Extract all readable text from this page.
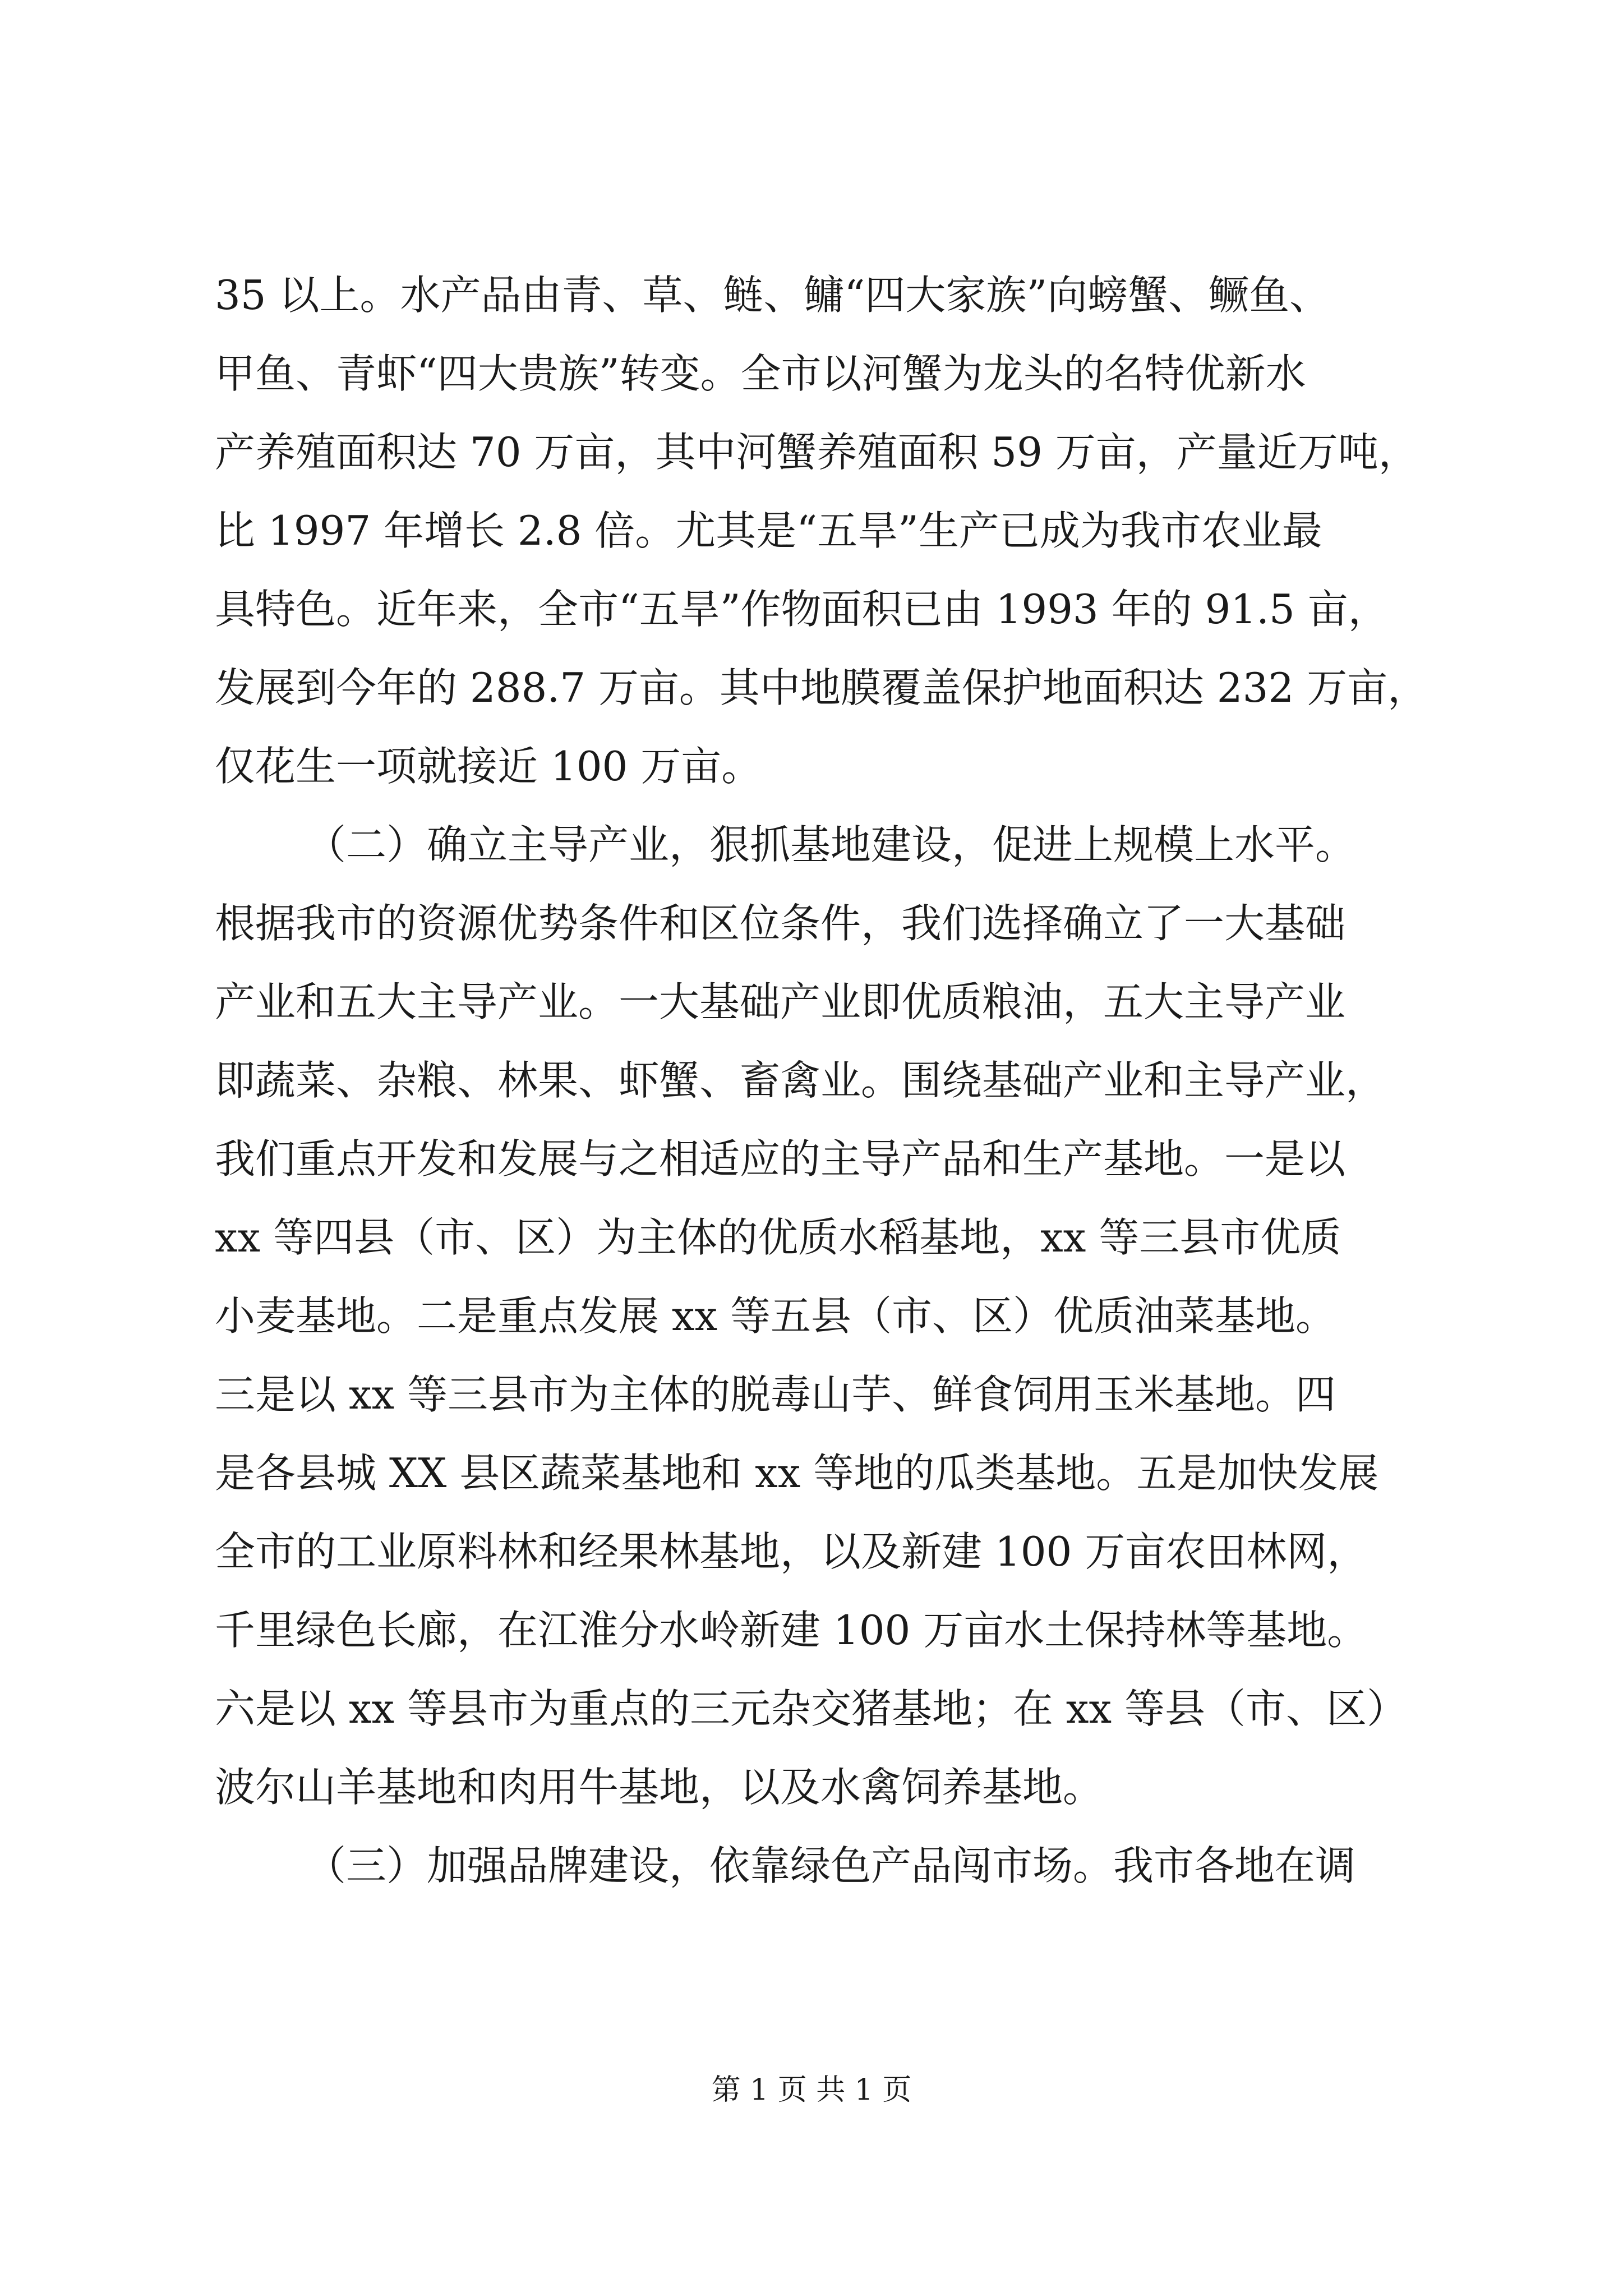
35 以上。水产品由青、草、鲢、鳙“四大家族”向螃蟹、鳜鱼、
甲鱼、青虾“四大贵族”转变。全市以河蟹为龙头的名特优新水
产养殖面积达 70 万亩，其中河蟹养殖面积 59 万亩，产量近万吨，
比 1997 年增长 2.8 倍。尤其是“五旱”生产已成为我市农业最
具特色。近年来，全市“五旱”作物面积已由 1993 年的 91.5 亩，
发展到今年的 288.7 万亩。其中地膜覆盖保护地面积达 232 万亩，
仅花生一项就接近 100 万亩。
（二）确立主导产业，狠抓基地建设，促进上规模上水平。
根据我市的资源优势条件和区位条件，我们选择确立了一大基础
产业和五大主导产业。一大基础产业即优质粮油，五大主导产业
即蔬菜、杂粮、林果、虾蟹、畜禽业。围绕基础产业和主导产业，
我们重点开发和发展与之相适应的主导产品和生产基地。一是以
xx 等四县（市、区）为主体的优质水稻基地，xx 等三县市优质
小麦基地。二是重点发展 xx 等五县（市、区）优质油菜基地。
三是以 xx 等三县市为主体的脱毒山芋、鲜食饲用玉米基地。四
是各县城 XX 县区蔬菜基地和 xx 等地的瓜类基地。五是加快发展
全市的工业原料林和经果林基地，以及新建 100 万亩农田林网，
千里绿色长廊，在江淮分水岭新建 100 万亩水土保持林等基地。
六是以 xx 等县市为重点的三元杂交猪基地；在 xx 等县（市、区）
波尔山羊基地和肉用牛基地，以及水禽饲养基地。
（三）加强品牌建设，依靠绿色产品闯市场。我市各地在调
第 1 页 共 1 页
